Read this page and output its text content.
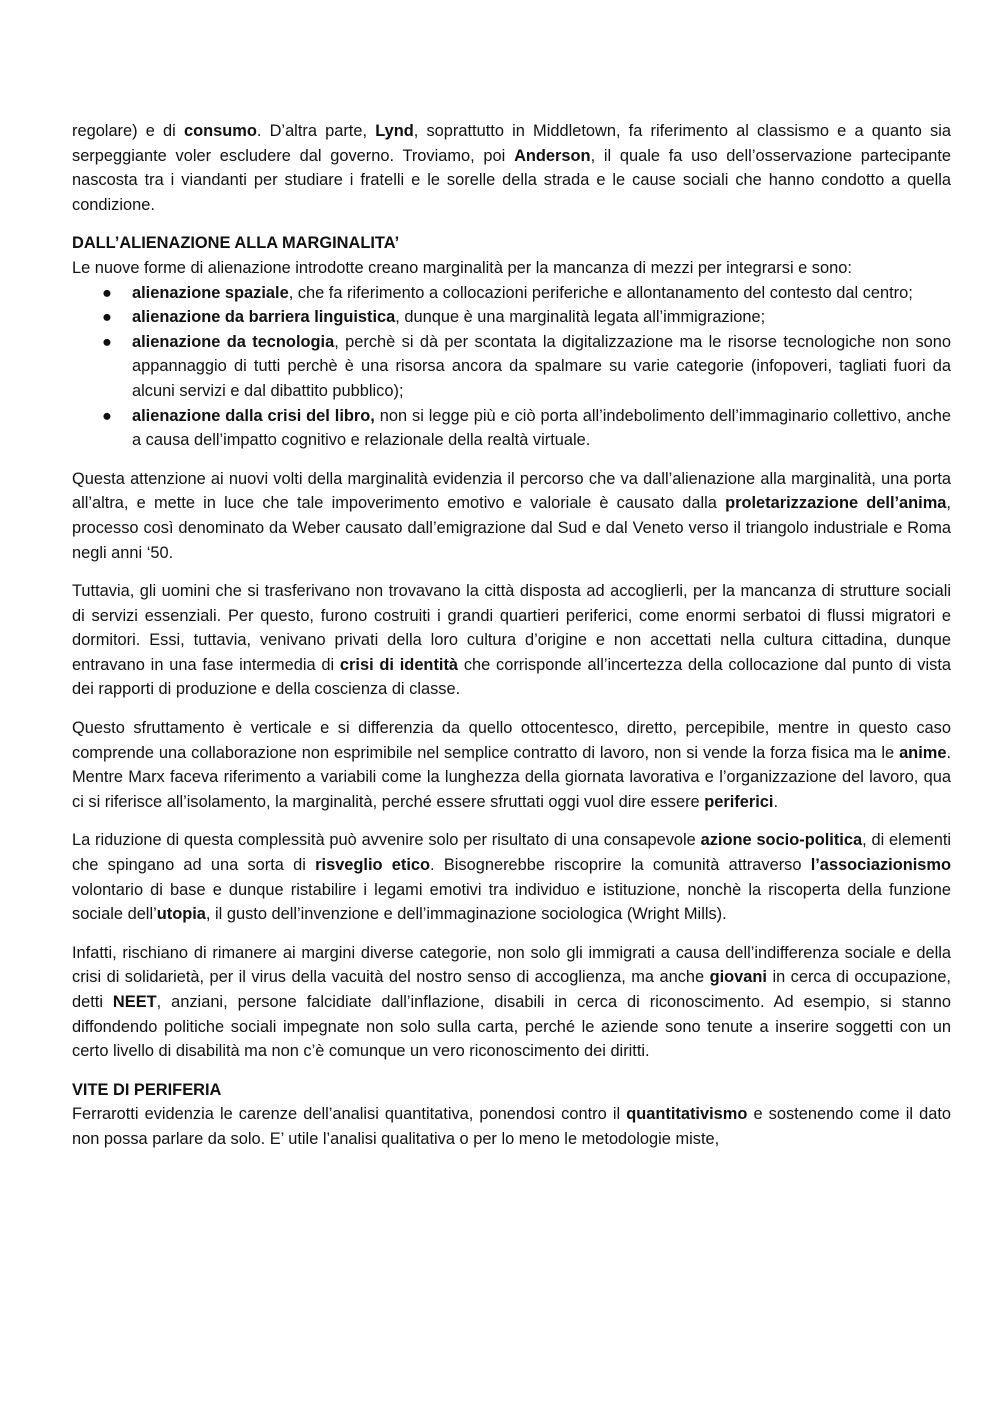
regolare) e di consumo. D’altra parte, Lynd, soprattutto in Middletown, fa riferimento al classismo e a quanto sia serpeggiante voler escludere dal governo. Troviamo, poi Anderson, il quale fa uso dell’osservazione partecipante nascosta tra i viandanti per studiare i fratelli e le sorelle della strada e le cause sociali che hanno condotto a quella condizione.

DALL’ALIENAZIONE ALLA MARGINALITA’

Le nuove forme di alienazione introdotte creano marginalità per la mancanza di mezzi per integrarsi e sono:

● alienazione spaziale, che fa riferimento a collocazioni periferiche e allontanamento del contesto dal centro;
● alienazione da barriera linguistica, dunque è una marginalità legata all’immigrazione;
● alienazione da tecnologia, perchè si dà per scontata la digitalizzazione ma le risorse tecnologiche non sono appannaggio di tutti perchè è una risorsa ancora da spalmare su varie categorie (infopoveri, tagliati fuori da alcuni servizi e dal dibattito pubblico);
● alienazione dalla crisi del libro, non si legge più e ciò porta all’indebolimento dell’immaginario collettivo, anche a causa dell’impatto cognitivo e relazionale della realtà virtuale.

Questa attenzione ai nuovi volti della marginalità evidenzia il percorso che va dall’alienazione alla marginalità, una porta all’altra, e mette in luce che tale impoverimento emotivo e valoriale è causato dalla proletarizzazione dell’anima, processo così denominato da Weber causato dall’emigrazione dal Sud e dal Veneto verso il triangolo industriale e Roma negli anni ‘50.

Tuttavia, gli uomini che si trasferivano non trovavano la città disposta ad accoglierli, per la mancanza di strutture sociali di servizi essenziali. Per questo, furono costruiti i grandi quartieri periferici, come enormi serbatoi di flussi migratori e dormitori. Essi, tuttavia, venivano privati della loro cultura d’origine e non accettati nella cultura cittadina, dunque entravano in una fase intermedia di crisi di identità che corrisponde all’incertezza della collocazione dal punto di vista dei rapporti di produzione e della coscienza di classe.

Questo sfruttamento è verticale e si differenzia da quello ottocentesco, diretto, percepibile, mentre in questo caso comprende una collaborazione non esprimibile nel semplice contratto di lavoro, non si vende la forza fisica ma le anime. Mentre Marx faceva riferimento a variabili come la lunghezza della giornata lavorativa e l’organizzazione del lavoro, qua ci si riferisce all’isolamento, la marginalità, perché essere sfruttati oggi vuol dire essere periferici.

La riduzione di questa complessità può avvenire solo per risultato di una consapevole azione socio-politica, di elementi che spingano ad una sorta di risveglio etico. Bisognerebbe riscoprire la comunità attraverso l’associazionismo volontario di base e dunque ristabilire i legami emotivi tra individuo e istituzione, nonchè la riscoperta della funzione sociale dell’utopia, il gusto dell’invenzione e dell’immaginazione sociologica (Wright Mills).

Infatti, rischiano di rimanere ai margini diverse categorie, non solo gli immigrati a causa dell’indifferenza sociale e della crisi di solidarietà, per il virus della vacuità del nostro senso di accoglienza, ma anche giovani in cerca di occupazione, detti NEET, anziani, persone falcidiate dall’inflazione, disabili in cerca di riconoscimento. Ad esempio, si stanno diffondendo politiche sociali impegnate non solo sulla carta, perché le aziende sono tenute a inserire soggetti con un certo livello di disabilità ma non c’è comunque un vero riconoscimento dei diritti.

VITE DI PERIFERIA

Ferrarotti evidenzia le carenze dell’analisi quantitativa, ponendosi contro il quantitativismo e sostenendo come il dato non possa parlare da solo. E’ utile l’analisi qualitativa o per lo meno le metodologie miste,
